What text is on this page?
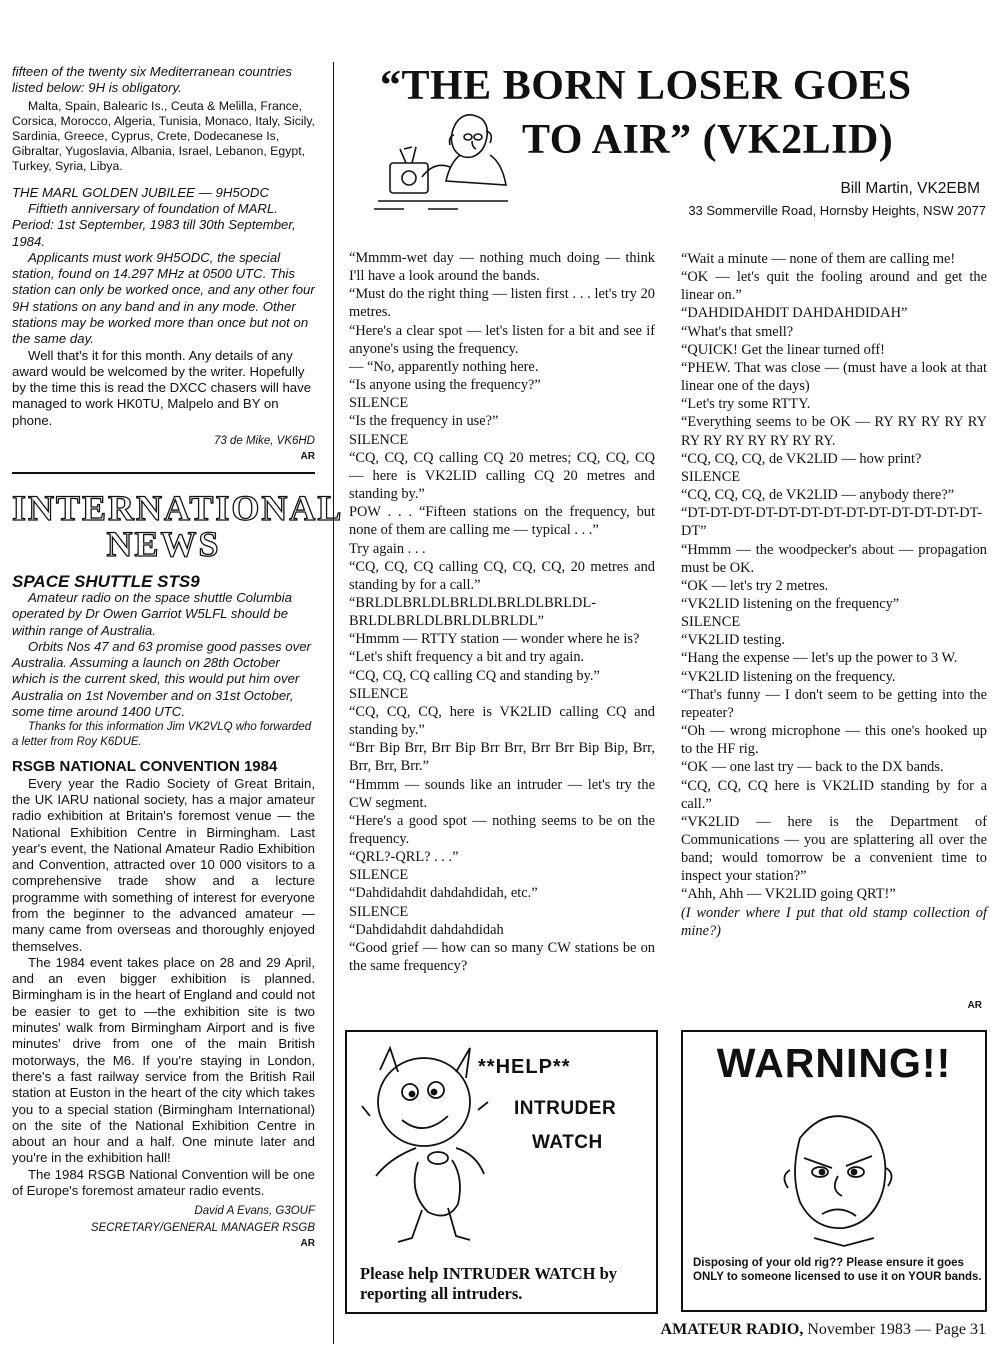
fifteen of the twenty six Mediterranean countries listed below: 9H is obligatory.

Malta, Spain, Balearic Is., Ceuta & Melilla, France, Corsica, Morocco, Algeria, Tunisia, Monaco, Italy, Sicily, Sardinia, Greece, Cyprus, Crete, Dodecanese Is, Gibraltar, Yugoslavia, Albania, Israel, Lebanon, Egypt, Turkey, Syria, Libya.

THE MARL GOLDEN JUBILEE — 9H5ODC

Fiftieth anniversary of foundation of MARL. Period: 1st September, 1983 till 30th September, 1984.

Applicants must work 9H5ODC, the special station, found on 14.297 MHz at 0500 UTC. This station can only be worked once, and any other four 9H stations on any band and in any mode. Other stations may be worked more than once but not on the same day.

Well that's it for this month. Any details of any award would be welcomed by the writer. Hopefully by the time this is read the DXCC chasers will have managed to work HK0TU, Malpelo and BY on phone.

73 de Mike, VK6HD

AR

INTERNATIONAL
NEWS

SPACE SHUTTLE STS9

Amateur radio on the space shuttle Columbia operated by Dr Owen Garriot W5LFL should be within range of Australia.

Orbits Nos 47 and 63 promise good passes over Australia. Assuming a launch on 28th October which is the current sked, this would put him over Australia on 1st November and on 31st October, some time around 1400 UTC.

Thanks for this information Jim VK2VLQ who forwarded a letter from Roy K6DUE.

RSGB NATIONAL CONVENTION 1984

Every year the Radio Society of Great Britain, the UK IARU national society, has a major amateur radio exhibition at Britain's foremost venue — the National Exhibition Centre in Birmingham. Last year's event, the National Amateur Radio Exhibition and Convention, attracted over 10 000 visitors to a comprehensive trade show and a lecture programme with something of interest for everyone from the beginner to the advanced amateur — many came from overseas and thoroughly enjoyed themselves.

The 1984 event takes place on 28 and 29 April, and an even bigger exhibition is planned. Birmingham is in the heart of England and could not be easier to get to —the exhibition site is two minutes' walk from Birmingham Airport and is five minutes' drive from one of the main British motorways, the M6. If you're staying in London, there's a fast railway service from the British Rail station at Euston in the heart of the city which takes you to a special station (Birmingham International) on the site of the National Exhibition Centre in about an hour and a half. One minute later and you're in the exhibition hall!

The 1984 RSGB National Convention will be one of Europe's foremost amateur radio events.

David A Evans, G3OUF

SECRETARY/GENERAL MANAGER RSGB

AR

“THE BORN LOSER GOES
TO AIR” (VK2LID)
Bill Martin, VK2EBM
33 Sommerville Road, Hornsby Heights, NSW 2077

“Mmmm-wet day — nothing much doing — think I'll have a look around the bands.

“Must do the right thing — listen first . . . let's try 20 metres.

“Here's a clear spot — let's listen for a bit and see if anyone's using the frequency.

— “No, apparently nothing here.

“Is anyone using the frequency?”

SILENCE

“Is the frequency in use?”

SILENCE

“CQ, CQ, CQ calling CQ 20 metres; CQ, CQ, CQ — here is VK2LID calling CQ 20 metres and standing by.”

POW . . . “Fifteen stations on the frequency, but none of them are calling me — typical . . .”

Try again . . .

“CQ, CQ, CQ calling CQ, CQ, CQ, 20 metres and standing by for a call.”

“BRLDLBRLDLBRLDLBRLDLBRLDL-BRLDLBRLDLBRLDLBRLDL”

“Hmmm — RTTY station — wonder where he is?

“Let's shift frequency a bit and try again.

“CQ, CQ, CQ calling CQ and standing by.”

SILENCE

“CQ, CQ, CQ, here is VK2LID calling CQ and standing by.”

“Brr Bip Brr, Brr Bip Brr Brr, Brr Brr Bip Bip, Brr, Brr, Brr, Brr.”

“Hmmm — sounds like an intruder — let's try the CW segment.

“Here's a good spot — nothing seems to be on the frequency.

“QRL?-QRL? . . .”

SILENCE

“Dahdidahdit dahdahdidah, etc.”

SILENCE

“Dahdidahdit dahdahdidah

“Good grief — how can so many CW stations be on the same frequency?

“Wait a minute — none of them are calling me!

“OK — let's quit the fooling around and get the linear on.”

“DAHDIDAHDIT DAHDAHDIDAH”

“What's that smell?

“QUICK! Get the linear turned off!

“PHEW. That was close — (must have a look at that linear one of the days)

“Let's try some RTTY.

“Everything seems to be OK — RY RY RY RY RY RY RY RY RY RY RY RY.

“CQ, CQ, CQ, de VK2LID — how print?

SILENCE

“CQ, CQ, CQ, de VK2LID — anybody there?”

“DT-DT-DT-DT-DT-DT-DT-DT-DT-DT-DT-DT-DT-DT”

“Hmmm — the woodpecker's about — propagation must be OK.

“OK — let's try 2 metres.

“VK2LID listening on the frequency”

SILENCE

“VK2LID testing.

“Hang the expense — let's up the power to 3 W.

“VK2LID listening on the frequency.

“That's funny — I don't seem to be getting into the repeater?

“Oh — wrong microphone — this one's hooked up to the HF rig.

“OK — one last try — back to the DX bands.

“CQ, CQ, CQ here is VK2LID standing by for a call.”

“VK2LID — here is the Department of Communications — you are splattering all over the band; would tomorrow be a convenient time to inspect your station?”

“Ahh, Ahh — VK2LID going QRT!”

(I wonder where I put that old stamp collection of mine?)

AR
**HELP**
INTRUDER
WATCH
Please help INTRUDER WATCH by reporting all intruders.
WARNING!!
Disposing of your old rig?? Please ensure it goes ONLY to someone licensed to use it on YOUR bands.
AMATEUR RADIO, November 1983 — Page 31
